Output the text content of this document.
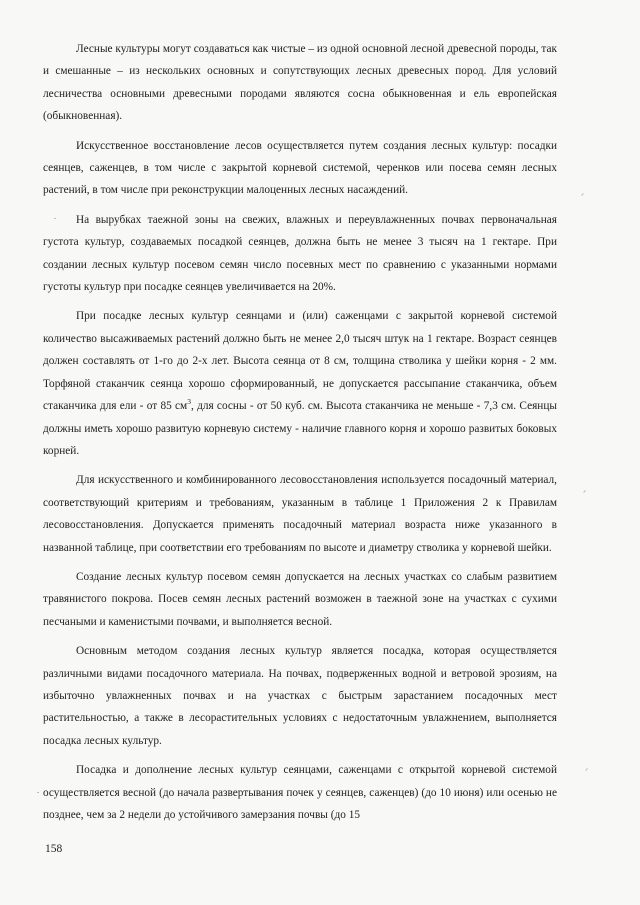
Лесные культуры могут создаваться как чистые – из одной основной лесной древесной породы, так и смешанные – из нескольких основных и сопутствующих лесных древесных пород. Для условий лесничества основными древесными породами являются сосна обыкновенная и ель европейская (обыкновенная).

Искусственное восстановление лесов осуществляется путем создания лесных культур: посадки сеянцев, саженцев, в том числе с закрытой корневой системой, черенков или посева семян лесных растений, в том числе при реконструкции малоценных лесных насаждений.

На вырубках таежной зоны на свежих, влажных и переувлажненных почвах первоначальная густота культур, создаваемых посадкой сеянцев, должна быть не менее 3 тысяч на 1 гектаре. При создании лесных культур посевом семян число посевных мест по сравнению с указанными нормами густоты культур при посадке сеянцев увеличивается на 20%.

При посадке лесных культур сеянцами и (или) саженцами с закрытой корневой системой количество высаживаемых растений должно быть не менее 2,0 тысяч штук на 1 гектаре. Возраст сеянцев должен составлять от 1-го до 2-х лет. Высота сеянца от 8 см, толщина стволика у шейки корня - 2 мм. Торфяной стаканчик сеянца хорошо сформированный, не допускается рассыпание стаканчика, объем стаканчика для ели - от 85 $см^3$, для сосны - от 50 куб. см. Высота стаканчика не меньше - 7,3 см. Сеянцы должны иметь хорошо развитую корневую систему - наличие главного корня и хорошо развитых боковых корней.

Для искусственного и комбинированного лесовосстановления используется посадочный материал, соответствующий критериям и требованиям, указанным в таблице 1 Приложения 2 к Правилам лесовосстановления. Допускается применять посадочный материал возраста ниже указанного в названной таблице, при соответствии его требованиям по высоте и диаметру стволика у корневой шейки.

Создание лесных культур посевом семян допускается на лесных участках со слабым развитием травянистого покрова. Посев семян лесных растений возможен в таежной зоне на участках с сухими песчаными и каменистыми почвами, и выполняется весной.

Основным методом создания лесных культур является посадка, которая осуществляется различными видами посадочного материала. На почвах, подверженных водной и ветровой эрозиям, на избыточно увлажненных почвах и на участках с быстрым зарастанием посадочных мест растительностью, а также в лесорастительных условиях с недостаточным увлажнением, выполняется посадка лесных культур.

Посадка и дополнение лесных культур сеянцами, саженцами с открытой корневой системой осуществляется весной (до начала развертывания почек у сеянцев, саженцев) (до 10 июня) или осенью не позднее, чем за 2 недели до устойчивого замерзания почвы (до 15

158
